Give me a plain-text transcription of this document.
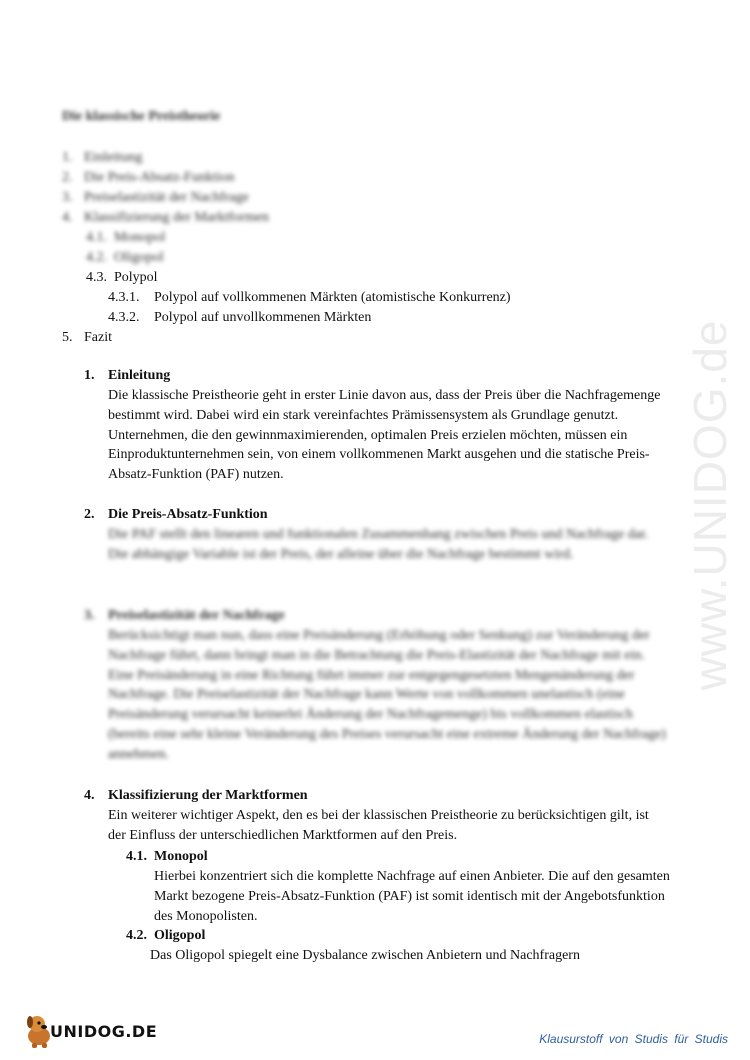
www.UNIDOG.de
Die klassische Preistheorie
1. Einleitung
2. Die Preis-Absatz-Funktion
3. Preiselastizität der Nachfrage
4. Klassifizierung der Marktformen
4.1. Monopol
4.2. Oligopol
4.3. Polypol
4.3.1. Polypol auf vollkommenen Märkten (atomistische Konkurrenz)
4.3.2. Polypol auf unvollkommenen Märkten
5. Fazit
1. Einleitung
Die klassische Preistheorie geht in erster Linie davon aus, dass der Preis über die Nachfragemenge bestimmt wird. Dabei wird ein stark vereinfachtes Prämissensystem als Grundlage genutzt. Unternehmen, die den gewinnmaximierenden, optimalen Preis erzielen möchten, müssen ein Einproduktunternehmen sein, von einem vollkommenen Markt ausgehen und die statische Preis-Absatz-Funktion (PAF) nutzen.
2. Die Preis-Absatz-Funktion
Die PAF stellt den linearen und funktionalen Zusammenhang zwischen Preis und Nachfrage dar. Die abhängige Variable ist der Preis, der alleine über die Nachfrage bestimmt wird.
3. Preiselastizität der Nachfrage
Berücksichtigt man nun, dass eine Preisänderung (Erhöhung oder Senkung) zur Veränderung der Nachfrage führt, dann bringt man in die Betrachtung die Preis-Elastizität der Nachfrage mit ein. Eine Preisänderung in eine Richtung führt immer zur entgegengesetzten Mengenänderung der Nachfrage. Die Preiselastizität der Nachfrage kann Werte von vollkommen unelastisch (eine Preisänderung verursacht keinerlei Änderung der Nachfragemenge) bis vollkommen elastisch (bereits eine sehr kleine Veränderung des Preises verursacht eine extreme Änderung der Nachfrage) annehmen.
4. Klassifizierung der Marktformen
Ein weiterer wichtiger Aspekt, den es bei der klassischen Preistheorie zu berücksichtigen gilt, ist der Einfluss der unterschiedlichen Marktformen auf den Preis.
4.1. Monopol
Hierbei konzentriert sich die komplette Nachfrage auf einen Anbieter. Die auf den gesamten Markt bezogene Preis-Absatz-Funktion (PAF) ist somit identisch mit der Angebotsfunktion des Monopolisten.
4.2. Oligopol
Das Oligopol spiegelt eine Dysbalance zwischen Anbietern und Nachfragern
UNIDOG.DE	Klausurstoff von Studis für Studis
